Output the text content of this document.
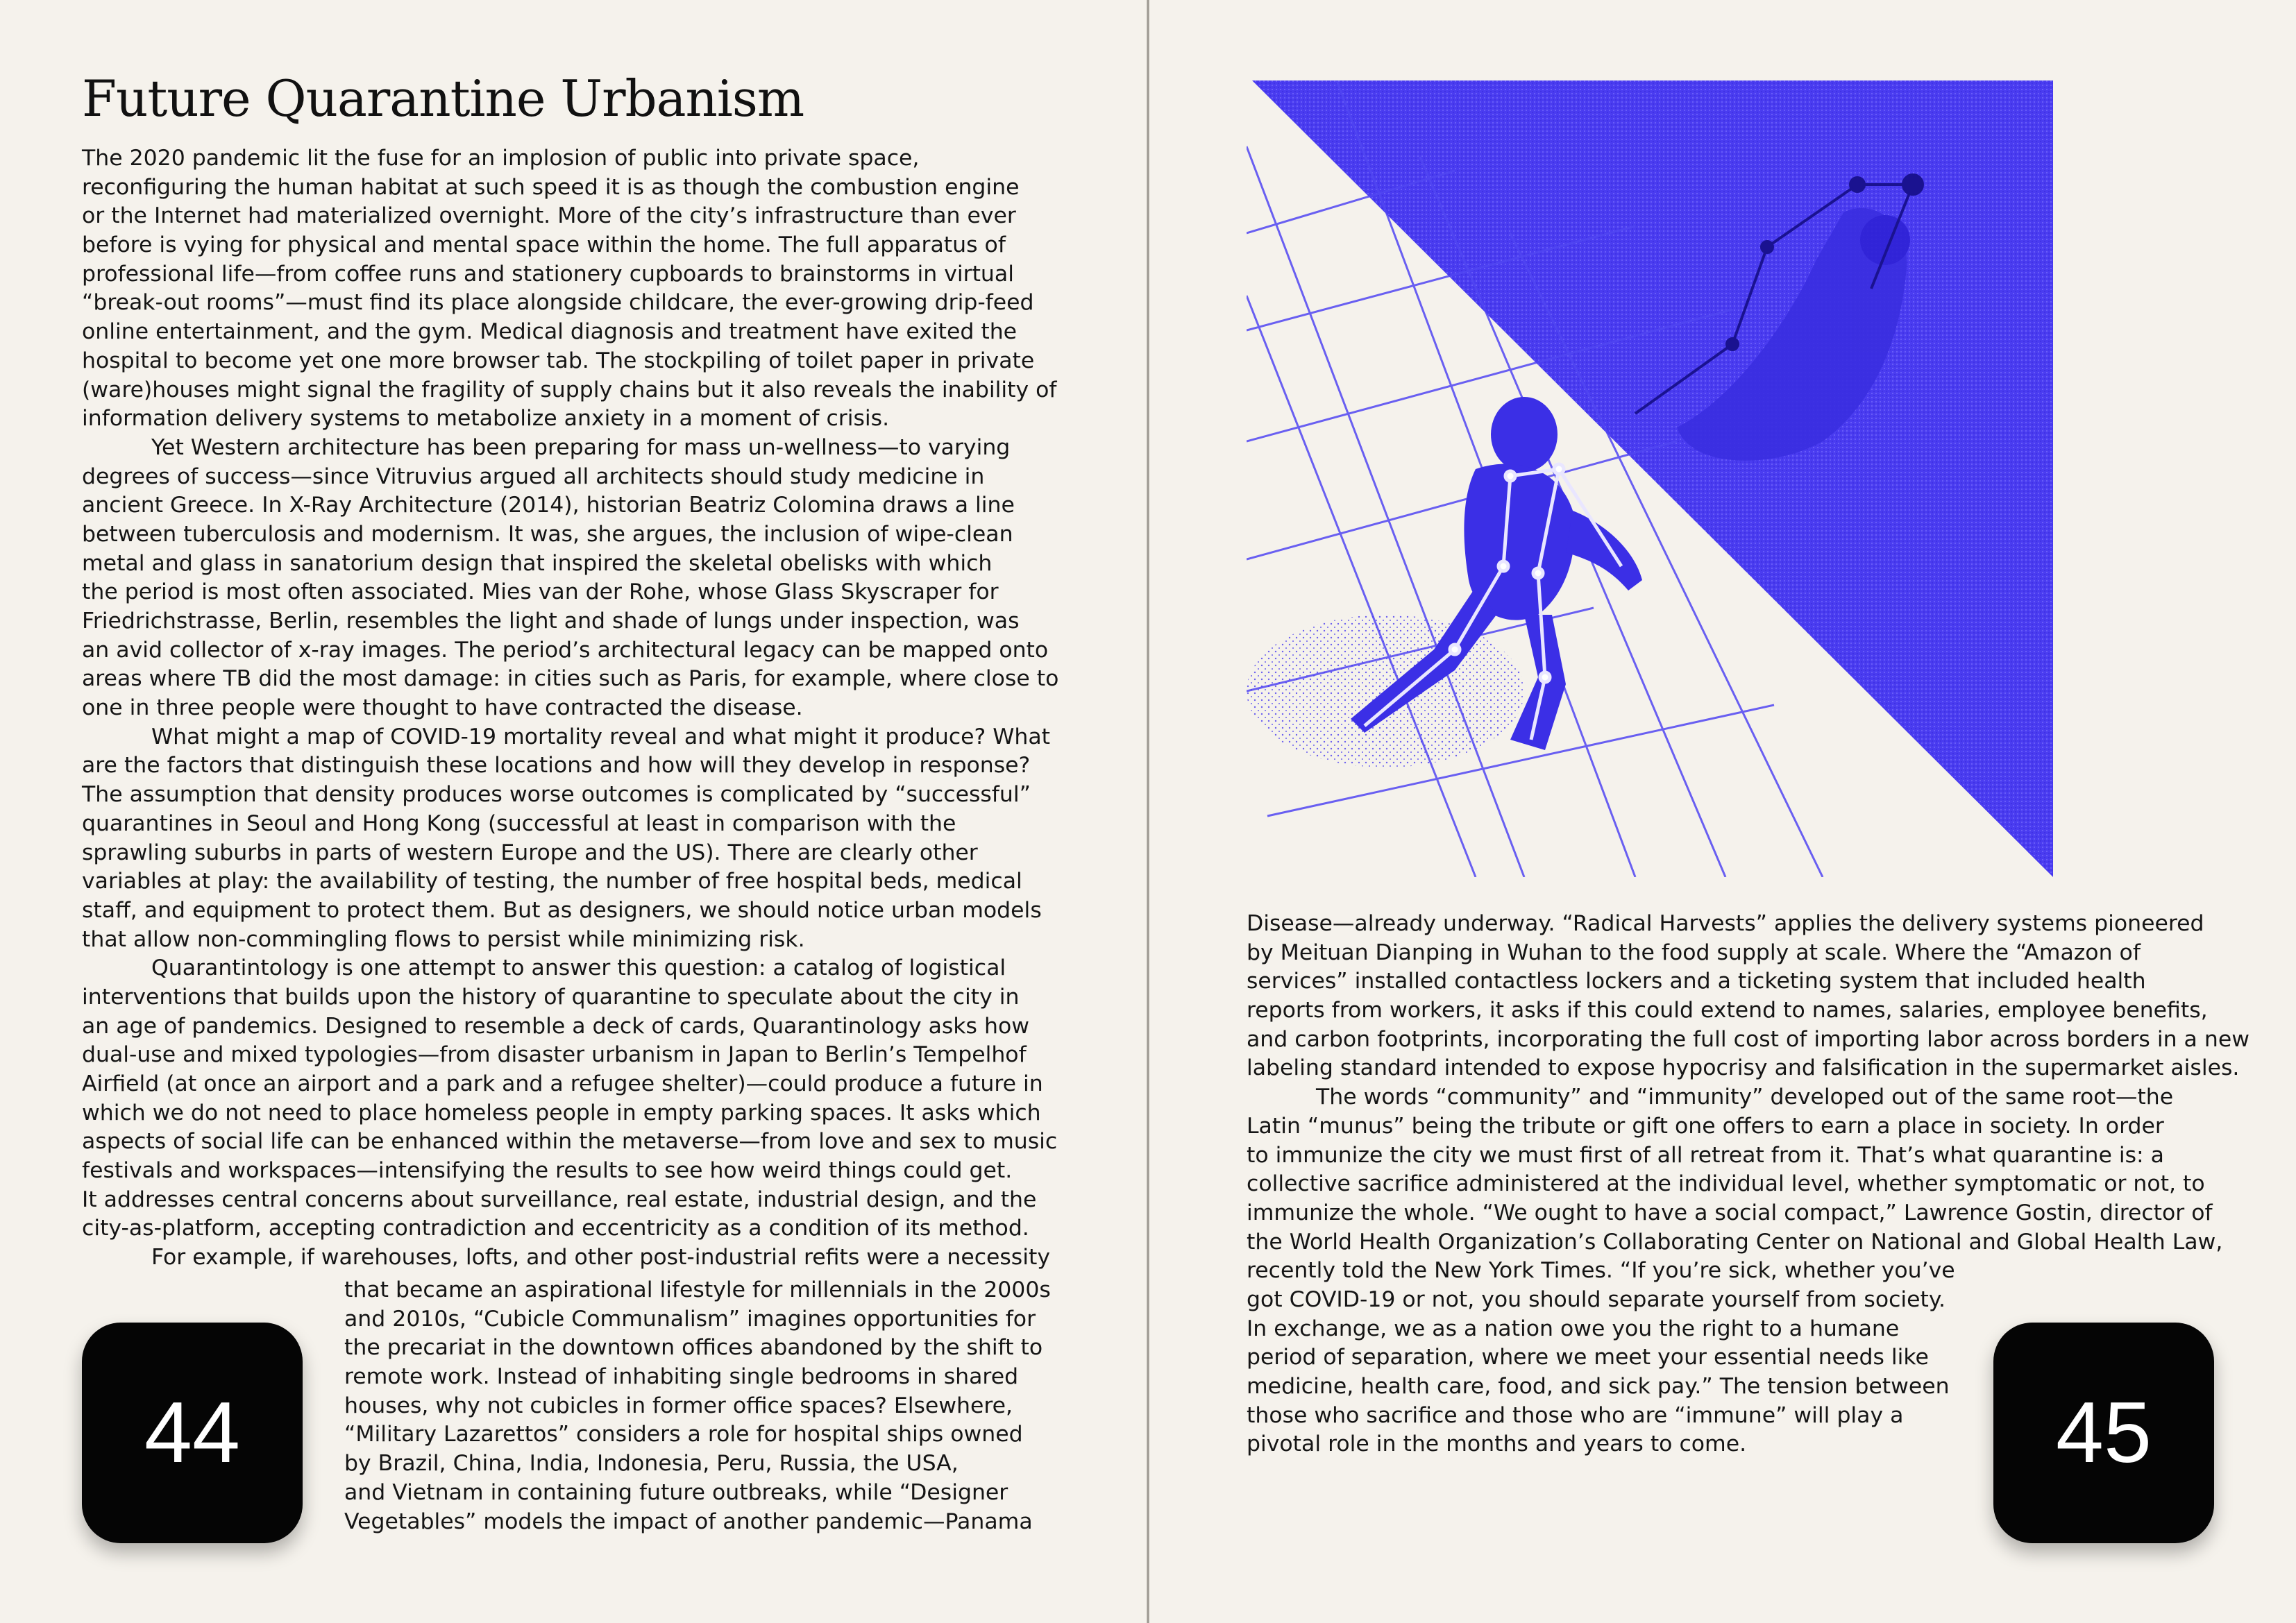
Future Quarantine Urbanism
The 2020 pandemic lit the fuse for an implosion of public into private space,
reconfiguring the human habitat at such speed it is as though the combustion engine
or the Internet had materialized overnight. More of the city’s infrastructure than ever
before is vying for physical and mental space within the home. The full apparatus of
professional life—from coffee runs and stationery cupboards to brainstorms in virtual
“break-out rooms”—must find its place alongside childcare, the ever-growing drip-feed
online entertainment, and the gym. Medical diagnosis and treatment have exited the
hospital to become yet one more browser tab. The stockpiling of toilet paper in private
(ware)houses might signal the fragility of supply chains but it also reveals the inability of
information delivery systems to metabolize anxiety in a moment of crisis.
Yet Western architecture has been preparing for mass un-wellness—to varying
degrees of success—since Vitruvius argued all architects should study medicine in
ancient Greece. In X-Ray Architecture (2014), historian Beatriz Colomina draws a line
between tuberculosis and modernism. It was, she argues, the inclusion of wipe-clean
metal and glass in sanatorium design that inspired the skeletal obelisks with which
the period is most often associated. Mies van der Rohe, whose Glass Skyscraper for
Friedrichstrasse, Berlin, resembles the light and shade of lungs under inspection, was
an avid collector of x-ray images. The period’s architectural legacy can be mapped onto
areas where TB did the most damage: in cities such as Paris, for example, where close to
one in three people were thought to have contracted the disease.
What might a map of COVID-19 mortality reveal and what might it produce? What
are the factors that distinguish these locations and how will they develop in response?
The assumption that density produces worse outcomes is complicated by “successful”
quarantines in Seoul and Hong Kong (successful at least in comparison with the
sprawling suburbs in parts of western Europe and the US). There are clearly other
variables at play: the availability of testing, the number of free hospital beds, medical
staff, and equipment to protect them. But as designers, we should notice urban models
that allow non-commingling flows to persist while minimizing risk.
Quarantintology is one attempt to answer this question: a catalog of logistical
interventions that builds upon the history of quarantine to speculate about the city in
an age of pandemics. Designed to resemble a deck of cards, Quarantinology asks how
dual-use and mixed typologies—from disaster urbanism in Japan to Berlin’s Tempelhof
Airfield (at once an airport and a park and a refugee shelter)—could produce a future in
which we do not need to place homeless people in empty parking spaces. It asks which
aspects of social life can be enhanced within the metaverse—from love and sex to music
festivals and workspaces—intensifying the results to see how weird things could get.
It addresses central concerns about surveillance, real estate, industrial design, and the
city-as-platform, accepting contradiction and eccentricity as a condition of its method.
For example, if warehouses, lofts, and other post-industrial refits were a necessity
that became an aspirational lifestyle for millennials in the 2000s
and 2010s, “Cubicle Communalism” imagines opportunities for
the precariat in the downtown offices abandoned by the shift to
remote work. Instead of inhabiting single bedrooms in shared
houses, why not cubicles in former office spaces? Elsewhere,
“Military Lazarettos” considers a role for hospital ships owned
by Brazil, China, India, Indonesia, Peru, Russia, the USA,
and Vietnam in containing future outbreaks, while “Designer
Vegetables” models the impact of another pandemic—Panama
44
Disease—already underway. “Radical Harvests” applies the delivery systems pioneered
by Meituan Dianping in Wuhan to the food supply at scale. Where the “Amazon of
services” installed contactless lockers and a ticketing system that included health
reports from workers, it asks if this could extend to names, salaries, employee benefits,
and carbon footprints, incorporating the full cost of importing labor across borders in a new
labeling standard intended to expose hypocrisy and falsification in the supermarket aisles.
The words “community” and “immunity” developed out of the same root—the
Latin “munus” being the tribute or gift one offers to earn a place in society. In order
to immunize the city we must first of all retreat from it. That’s what quarantine is: a
collective sacrifice administered at the individual level, whether symptomatic or not, to
immunize the whole. “We ought to have a social compact,” Lawrence Gostin, director of
the World Health Organization’s Collaborating Center on National and Global Health Law,
recently told the New York Times. “If you’re sick, whether you’ve
got COVID-19 or not, you should separate yourself from society.
In exchange, we as a nation owe you the right to a humane
period of separation, where we meet your essential needs like
medicine, health care, food, and sick pay.” The tension between
those who sacrifice and those who are “immune” will play a
pivotal role in the months and years to come.	45
